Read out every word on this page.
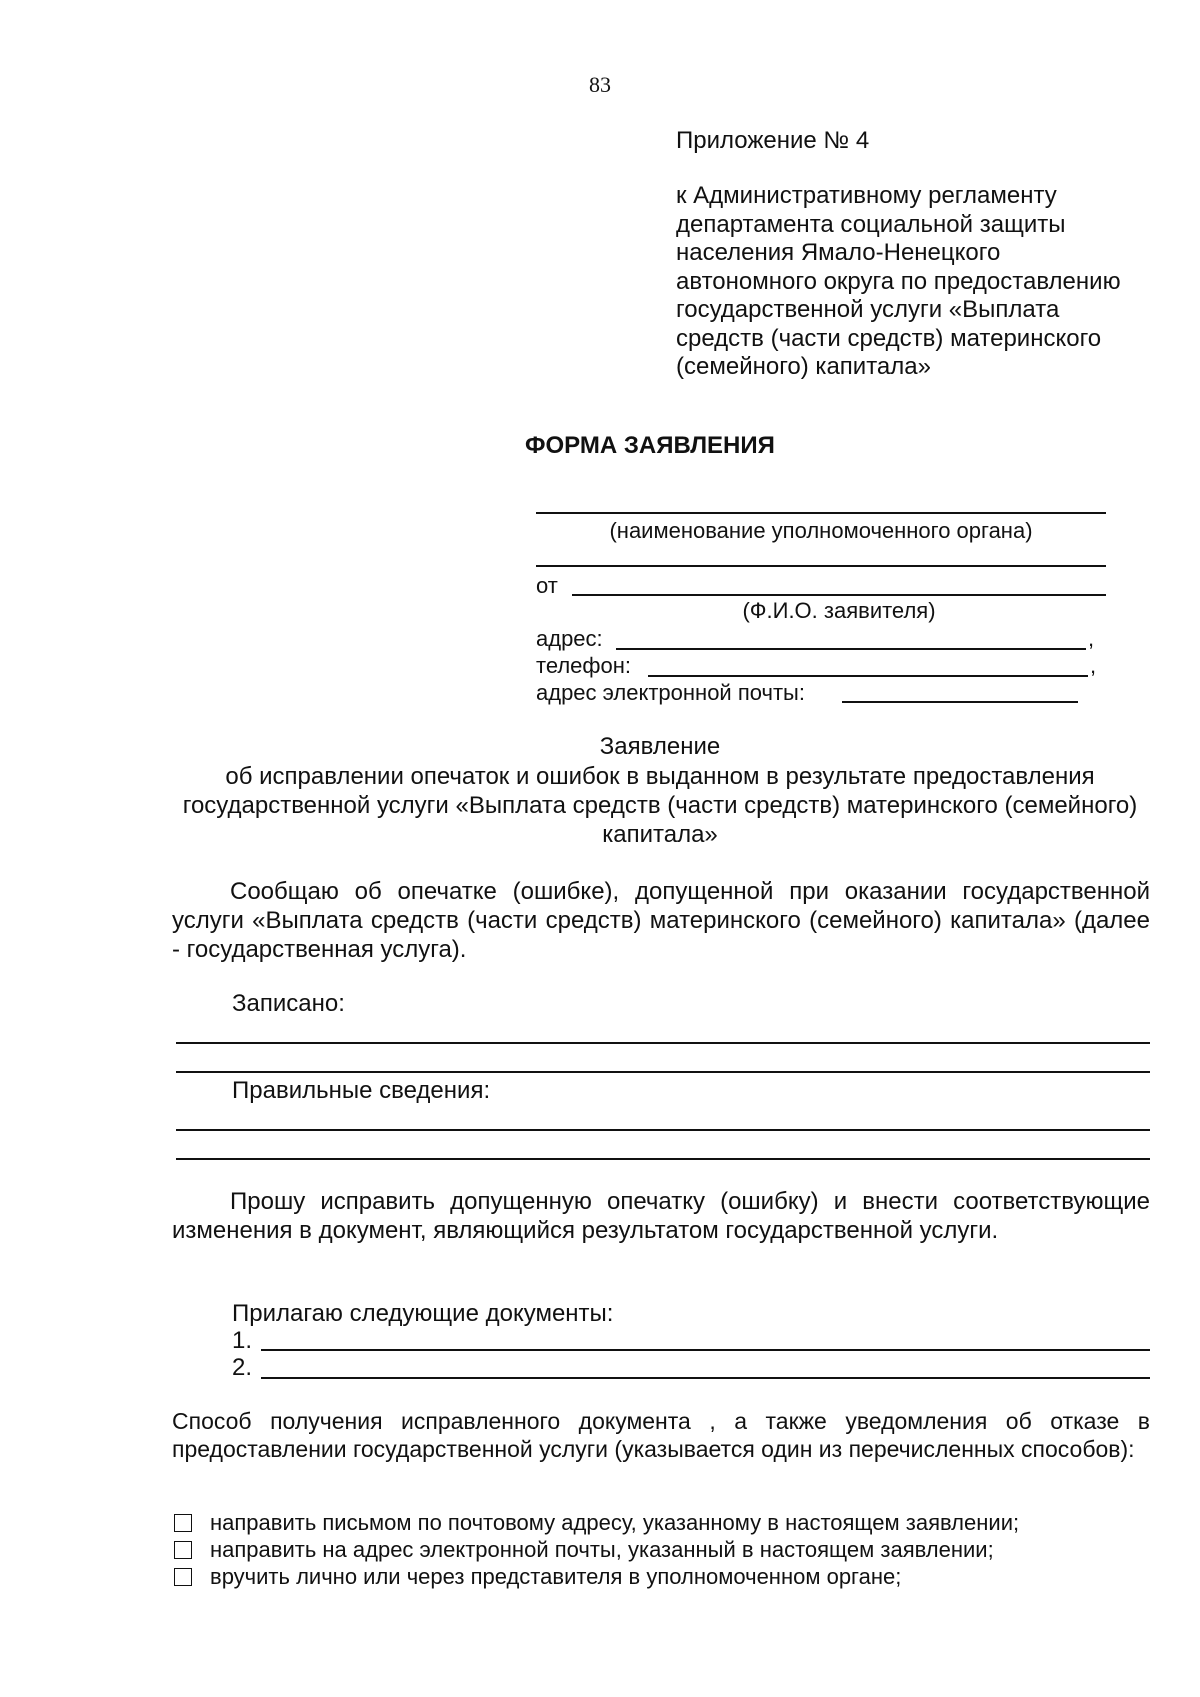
83
Приложение № 4
к Административному регламенту департамента социальной защиты населения Ямало-Ненецкого автономного округа по предоставлению государственной услуги «Выплата средств (части средств) материнского (семейного) капитала»
ФОРМА ЗАЯВЛЕНИЯ
(наименование уполномоченного органа)
от
(Ф.И.О. заявителя)
адрес:	,
телефон:	,
адрес электронной почты:
Заявление
об исправлении опечаток и ошибок в выданном в результате предоставления государственной услуги «Выплата средств (части средств) материнского (семейного) капитала»
Сообщаю об опечатке (ошибке), допущенной при оказании государственной услуги «Выплата средств (части средств) материнского (семейного) капитала» (далее - государственная услуга).
Записано:
Правильные сведения:
Прошу исправить допущенную опечатку (ошибку) и внести соответствующие изменения в документ, являющийся результатом государственной услуги.
Прилагаю следующие документы:
1.
2.
Способ получения исправленного документа , а также уведомления об отказе в предоставлении государственной услуги (указывается один из перечисленных способов):
направить письмом по почтовому адресу, указанному в настоящем заявлении;
направить на адрес электронной почты, указанный в настоящем заявлении;
вручить лично или через представителя в уполномоченном органе;
